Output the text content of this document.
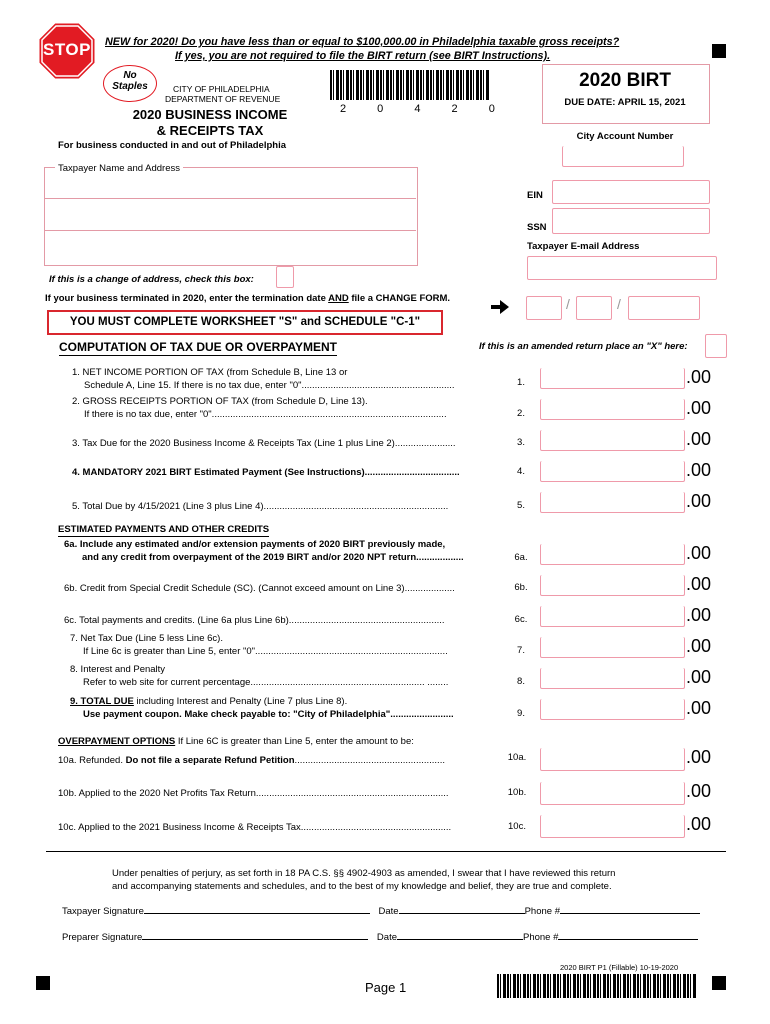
STOP	NEW for 2020! Do you have less than or equal to $100,000.00 in Philadelphia taxable gross receipts?
If yes, you are not required to file the BIRT return (see BIRT Instructions).
No
Staples	CITY OF PHILADELPHIA
DEPARTMENT OF REVENUE
2020 BUSINESS INCOME
& RECEIPTS TAX
2 0 4 2 0
2020 BIRT
DUE DATE: APRIL 15, 2021
City Account Number
For business conducted in and out of Philadelphia
Taxpayer Name and Address
EIN
SSN
Taxpayer E-mail Address
If this is a change of address, check this box:
If your business terminated in 2020, enter the termination date AND file a CHANGE FORM.	/	/
YOU MUST COMPLETE WORKSHEET "S" and SCHEDULE "C-1"
COMPUTATION OF TAX DUE OR OVERPAYMENT	If this is an amended return place an "X" here:
1. NET INCOME PORTION OF TAX (from Schedule B, Line 13 or
Schedule A, Line 15. If there is no tax due, enter "0"..........................................................	1.	.00
2. GROSS RECEIPTS PORTION OF TAX (from Schedule D, Line 13).
If there is no tax due, enter "0".........................................................................................	2.	.00
3. Tax Due for the 2020 Business Income & Receipts Tax (Line 1 plus Line 2).......................	3.	.00
4. MANDATORY 2021 BIRT Estimated Payment (See Instructions)....................................	4.	.00
5. Total Due by 4/15/2021 (Line 3 plus Line 4)......................................................................	5.	.00
ESTIMATED PAYMENTS AND OTHER CREDITS
6a. Include any estimated and/or extension payments of 2020 BIRT previously made,
and any credit from overpayment of the 2019 BIRT and/or 2020 NPT return..................	6a.	.00
6b. Credit from Special Credit Schedule (SC). (Cannot exceed amount on Line 3)...................	6b.	.00
6c. Total payments and credits. (Line 6a plus Line 6b)...........................................................	6c.	.00
7. Net Tax Due (Line 5 less Line 6c).
If Line 6c is greater than Line 5, enter "0".........................................................................	7.	.00
8. Interest and Penalty
Refer to web site for current percentage.................................................................. ........	8.	.00
9. TOTAL DUE including Interest and Penalty (Line 7 plus Line 8).
Use payment coupon. Make check payable to: "City of Philadelphia"........................	9.	.00
OVERPAYMENT OPTIONS If Line 6C is greater than Line 5, enter the amount to be:
10a. Refunded. Do not file a separate Refund Petition.........................................................	10a.	.00
10b. Applied to the 2020 Net Profits Tax Return.........................................................................	10b.	.00
10c. Applied to the 2021 Business Income & Receipts Tax.........................................................	10c.	.00
Under penalties of perjury, as set forth in 18 PA C.S. §§ 4902-4903 as amended, I swear that I have reviewed this return
and accompanying statements and schedules, and to the best of my knowledge and belief, they are true and complete.
Taxpayer Signature	Date	Phone #
Preparer Signature	Date	Phone #
2020 BIRT P1 (Fillable) 10-19-2020
Page 1
